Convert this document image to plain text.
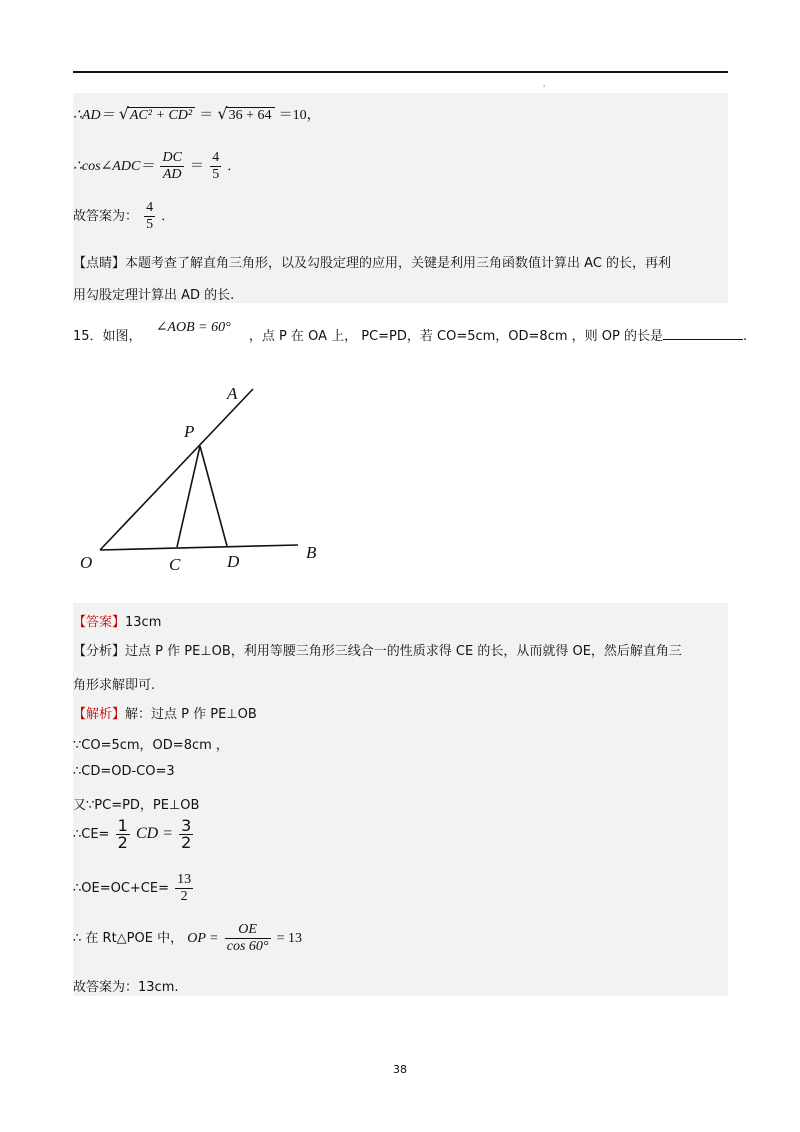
'
∴AD＝ √AC² + CD² ＝ √36 + 64 ＝10，
∴cos∠ADC＝ $\frac{DC}{AD} = \frac{4}{5}$ ．
故答案为： $\frac{4}{5}$ ．
【点睛】本题考查了解直角三角形，以及勾股定理的应用，关键是利用三角函数值计算出 AC 的长，再利
用勾股定理计算出 AD 的长.
15．如图， ∠AOB = 60° ，点 P 在 OA 上， PC=PD，若 CO=5cm，OD=8cm ，则 OP 的长是	.
A
P
O	C	D	B
【答案】13cm
【分析】过点 P 作 PE⊥OB，利用等腰三角形三线合一的性质求得 CE 的长，从而就得 OE，然后解直角三
角形求解即可.
【解析】解：过点 P 作 PE⊥OB
∵CO=5cm，OD=8cm ，
∴CD=OD-CO=3
又∵PC=PD，PE⊥OB
∴CE= $\frac{1}{2}$ CD = $\frac{3}{2}$
∴OE=OC+CE= $\frac{13}{2}$
∴ 在 Rt△POE 中， OP = $\frac{OE}{\cos 60^\circ} = 13$
故答案为：13cm.
38
